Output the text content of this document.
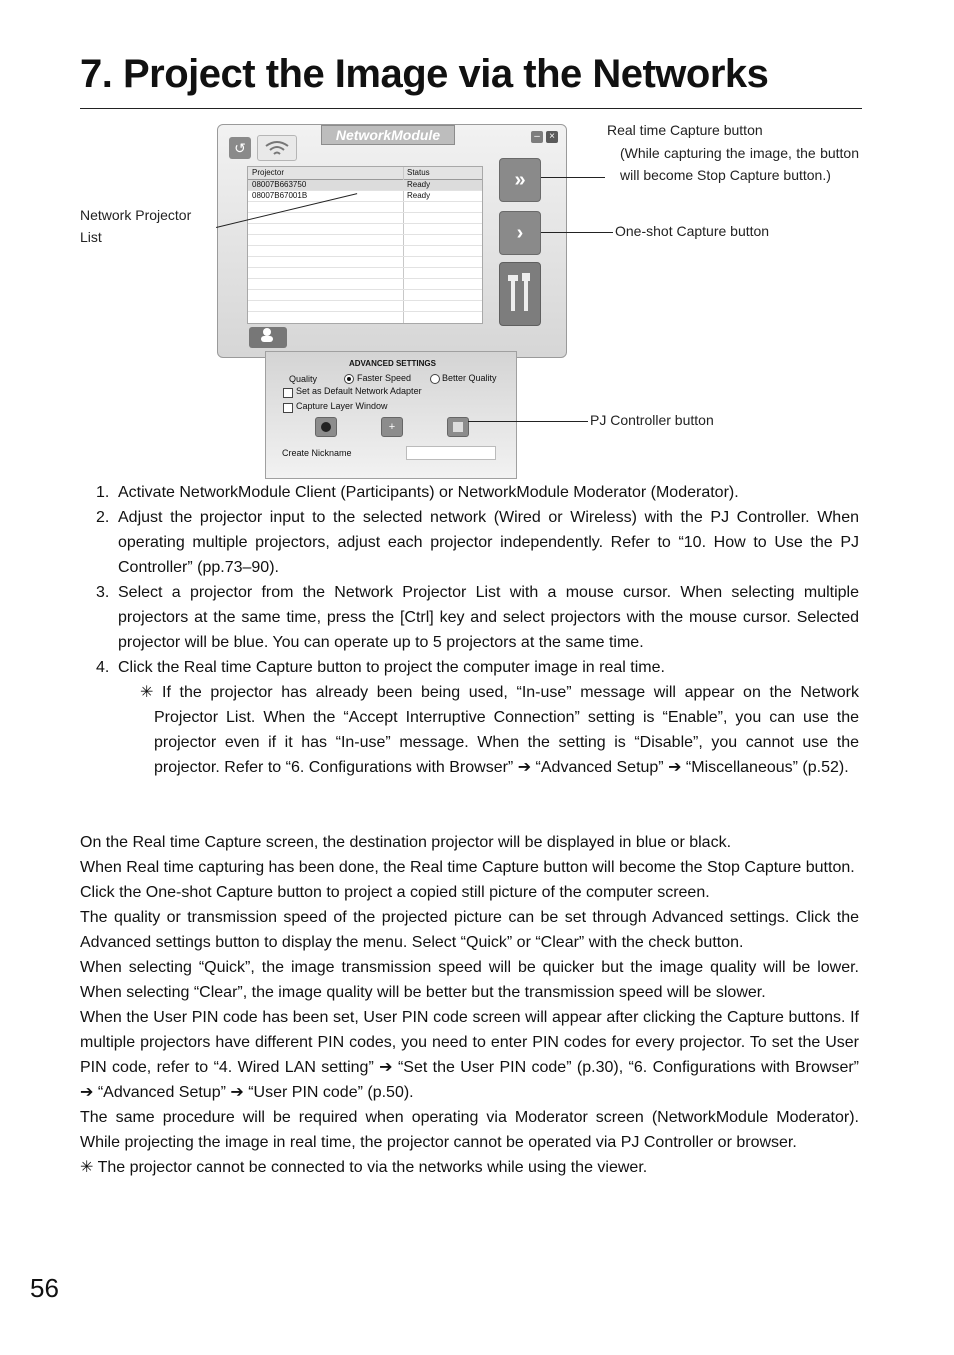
7. Project the Image via the Networks
↺
NetworkModule	– ×
Projector	Status
08007B663750	Ready
08007B67001B	Ready
»
›
ADVANCED SETTINGS
Quality	Faster Speed	Better Quality
Set as Default Network Adapter
Capture Layer Window
+
Create Nickname
Real time Capture button
(While capturing the image, the button will become Stop Capture button.)
Network Projector List	One-shot Capture button
PJ Controller button
1. Activate NetworkModule Client (Participants) or NetworkModule Moderator (Moderator).
2. Adjust the projector input to the selected network (Wired or Wireless) with the PJ Controller. When operating multiple projectors, adjust each projector independently. Refer to “10. How to Use the PJ Controller” (pp.73–90).
3. Select a projector from the Network Projector List with a mouse cursor. When selecting multiple projectors at the same time, press the [Ctrl] key and select projectors with the mouse cursor. Selected projector will be blue. You can operate up to 5 projectors at the same time.
4. Click the Real time Capture button to project the computer image in real time.
✳ If the projector has already been being used, “In-use” message will appear on the Network Projector List. When the “Accept Interruptive Connection” setting is “Enable”, you can use the projector even if it has “In-use” message. When the setting is “Disable”, you cannot use the projector. Refer to “6. Configurations with Browser” ➔ “Advanced Setup” ➔ “Miscellaneous” (p.52).

On the Real time Capture screen, the destination projector will be displayed in blue or black.

When Real time capturing has been done, the Real time Capture button will become the Stop Capture button.

Click the One-shot Capture button to project a copied still picture of the computer screen.

The quality or transmission speed of the projected picture can be set through Advanced settings. Click the Advanced settings button to display the menu. Select “Quick” or “Clear” with the check button.

When selecting “Quick”, the image transmission speed will be quicker but the image quality will be lower. When selecting “Clear”, the image quality will be better but the transmission speed will be slower.

When the User PIN code has been set, User PIN code screen will appear after clicking the Capture buttons. If multiple projectors have different PIN codes, you need to enter PIN codes for every projector. To set the User PIN code, refer to “4. Wired LAN setting” ➔ “Set the User PIN code” (p.30), “6. Configurations with Browser” ➔ “Advanced Setup” ➔ “User PIN code” (p.50).

The same procedure will be required when operating via Moderator screen (NetworkModule Moderator). While projecting the image in real time, the projector cannot be operated via PJ Controller or browser.

✳ The projector cannot be connected to via the networks while using the viewer.

56
